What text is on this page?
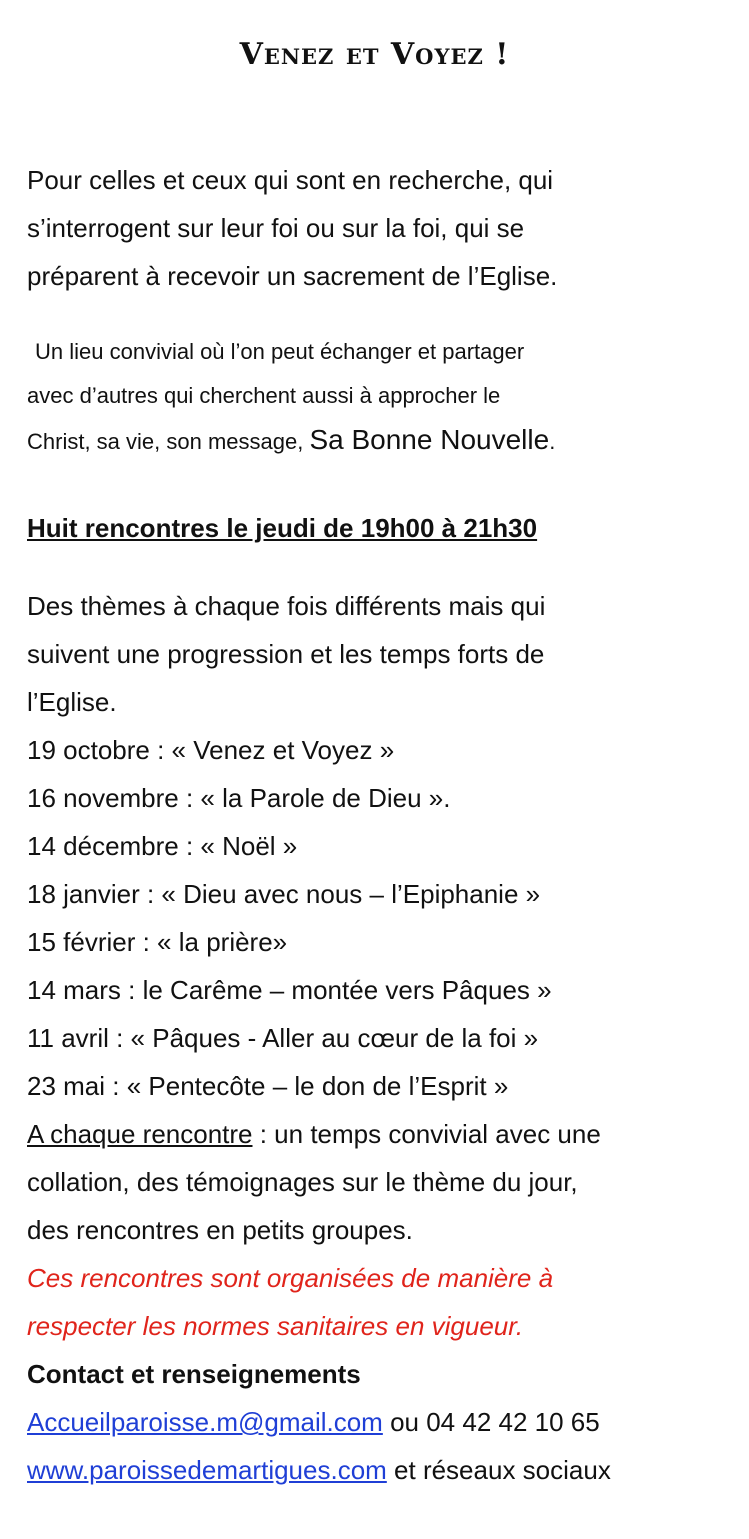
Venez et Voyez !
Pour celles et ceux qui sont en recherche, qui
s’interrogent sur leur foi ou sur la foi, qui se
préparent à recevoir un sacrement de l’Eglise.
Un lieu convivial où l’on peut échanger et partager
avec d’autres qui cherchent aussi à approcher le
Christ, sa vie, son message, Sa Bonne Nouvelle.
Huit rencontres le jeudi de 19h00 à 21h30
Des thèmes à chaque fois différents mais qui
suivent une progression et les temps forts de
l’Eglise.
19 octobre : « Venez et Voyez »
16 novembre : « la Parole de Dieu ».
14 décembre : « Noël »
18 janvier : « Dieu avec nous – l’Epiphanie »
15 février : « la prière»
14 mars : le Carême – montée vers Pâques »
11 avril : « Pâques - Aller au cœur de la foi »
23 mai : « Pentecôte – le don de l’Esprit »
A chaque rencontre : un temps convivial avec une
collation, des témoignages sur le thème du jour,
des rencontres en petits groupes.
Ces rencontres sont organisées de manière à
respecter les normes sanitaires en vigueur.
Contact et renseignements
Accueilparoisse.m@gmail.com ou 04 42 42 10 65
www.paroissedemartigues.com et réseaux sociaux
